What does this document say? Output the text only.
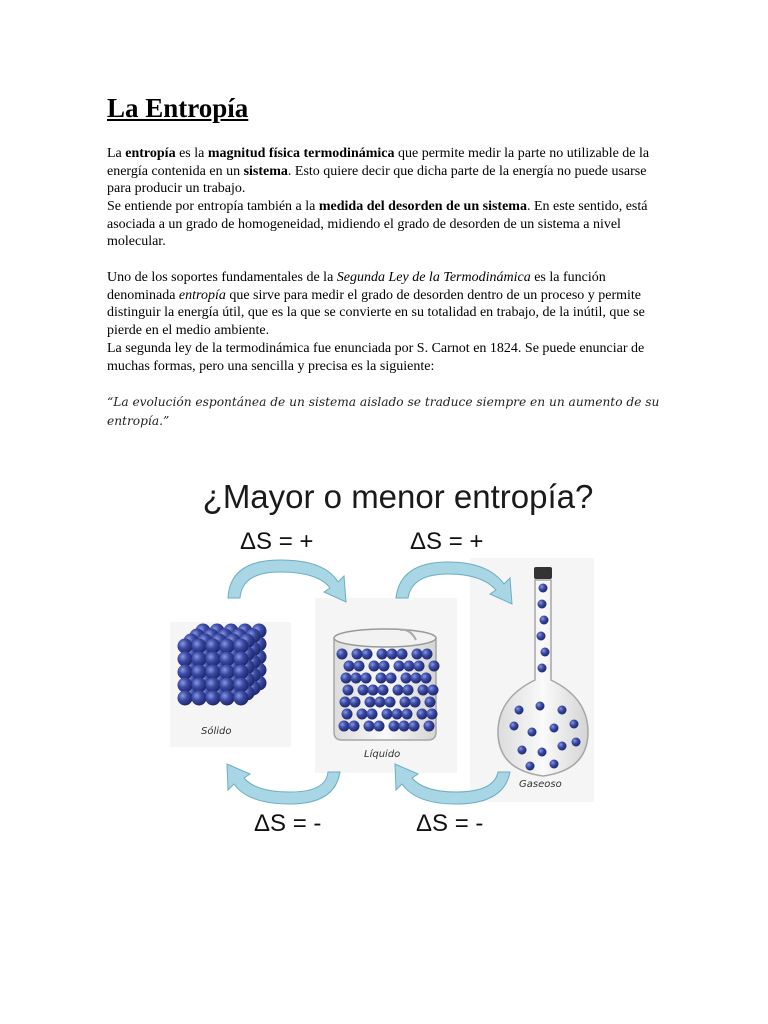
La Entropía

La entropía es la magnitud física termodinámica que permite medir la parte no utilizable de la energía contenida en un sistema. Esto quiere decir que dicha parte de la energía no puede usarse para producir un trabajo.

Se entiende por entropía también a la medida del desorden de un sistema. En este sentido, está asociada a un grado de homogeneidad, midiendo el grado de desorden de un sistema a nivel molecular.

Uno de los soportes fundamentales de la Segunda Ley de la Termodinámica es la función denominada entropía que sirve para medir el grado de desorden dentro de un proceso y permite distinguir la energía útil, que es la que se convierte en su totalidad en trabajo, de la inútil, que se pierde en el medio ambiente.

La segunda ley de la termodinámica fue enunciada por S. Carnot en 1824. Se puede enunciar de muchas formas, pero una sencilla y precisa es la siguiente:

“La evolución espontánea de un sistema aislado se traduce siempre en un aumento de su entropía.”

¿Mayor o menor entropía?
ΔS = +	ΔS = +
ΔS = -	ΔS = -
Sólido
Líquido
Gaseoso
